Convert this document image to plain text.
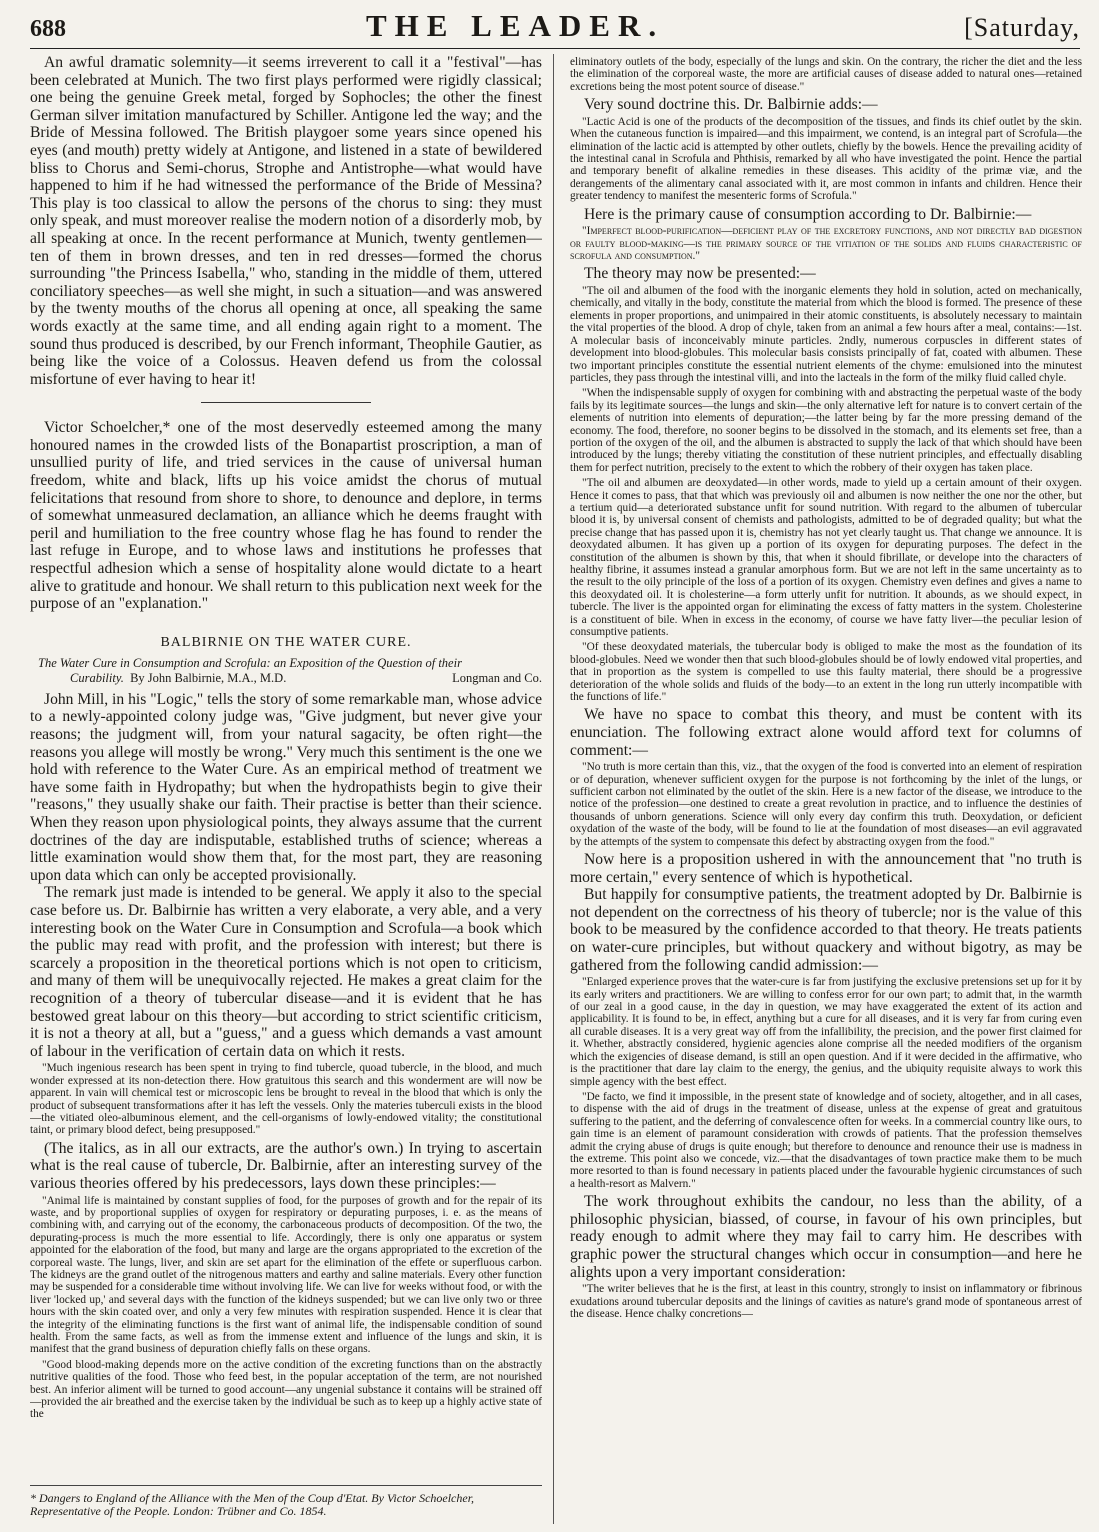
688	THE LEADER.	[Saturday,

An awful dramatic solemnity—it seems irreverent to call it a "festival"—has been celebrated at Munich. The two first plays performed were rigidly classical; one being the genuine Greek metal, forged by Sophocles; the other the finest German silver imitation manufactured by Schiller. Antigone led the way; and the Bride of Messina followed. The British playgoer some years since opened his eyes (and mouth) pretty widely at Antigone, and listened in a state of bewildered bliss to Chorus and Semi-chorus, Strophe and Antistrophe—what would have happened to him if he had witnessed the performance of the Bride of Messina? This play is too classical to allow the persons of the chorus to sing: they must only speak, and must moreover realise the modern notion of a disorderly mob, by all speaking at once. In the recent performance at Munich, twenty gentlemen—ten of them in brown dresses, and ten in red dresses—formed the chorus surrounding "the Princess Isabella," who, standing in the middle of them, uttered conciliatory speeches—as well she might, in such a situation—and was answered by the twenty mouths of the chorus all opening at once, all speaking the same words exactly at the same time, and all ending again right to a moment. The sound thus produced is described, by our French informant, Theophile Gautier, as being like the voice of a Colossus. Heaven defend us from the colossal misfortune of ever having to hear it!

Victor Schoelcher,* one of the most deservedly esteemed among the many honoured names in the crowded lists of the Bonapartist proscription, a man of unsullied purity of life, and tried services in the cause of universal human freedom, white and black, lifts up his voice amidst the chorus of mutual felicitations that resound from shore to shore, to denounce and deplore, in terms of somewhat unmeasured declamation, an alliance which he deems fraught with peril and humiliation to the free country whose flag he has found to render the last refuge in Europe, and to whose laws and institutions he professes that respectful adhesion which a sense of hospitality alone would dictate to a heart alive to gratitude and honour. We shall return to this publication next week for the purpose of an "explanation."

BALBIRNIE ON THE WATER CURE.
The Water Cure in Consumption and Scrofula: an Exposition of the Question of their
Curability. By John Balbirnie, M.A., M.D.	Longman and Co.

John Mill, in his "Logic," tells the story of some remarkable man, whose advice to a newly-appointed colony judge was, "Give judgment, but never give your reasons; the judgment will, from your natural sagacity, be often right—the reasons you allege will mostly be wrong." Very much this sentiment is the one we hold with reference to the Water Cure. As an empirical method of treatment we have some faith in Hydropathy; but when the hydropathists begin to give their "reasons," they usually shake our faith. Their practise is better than their science. When they reason upon physiological points, they always assume that the current doctrines of the day are indisputable, established truths of science; whereas a little examination would show them that, for the most part, they are reasoning upon data which can only be accepted provisionally.

The remark just made is intended to be general. We apply it also to the special case before us. Dr. Balbirnie has written a very elaborate, a very able, and a very interesting book on the Water Cure in Consumption and Scrofula—a book which the public may read with profit, and the profession with interest; but there is scarcely a proposition in the theoretical portions which is not open to criticism, and many of them will be unequivocally rejected. He makes a great claim for the recognition of a theory of tubercular disease—and it is evident that he has bestowed great labour on this theory—but according to strict scientific criticism, it is not a theory at all, but a "guess," and a guess which demands a vast amount of labour in the verification of certain data on which it rests.

"Much ingenious research has been spent in trying to find tubercle, quoad tubercle, in the blood, and much wonder expressed at its non-detection there. How gratuitous this search and this wonderment are will now be apparent. In vain will chemical test or microscopic lens be brought to reveal in the blood that which is only the product of subsequent transformations after it has left the vessels. Only the materies tuberculi exists in the blood—the vitiated oleo-albuminous element, and the cell-organisms of lowly-endowed vitality; the constitutional taint, or primary blood defect, being presupposed."

(The italics, as in all our extracts, are the author's own.) In trying to ascertain what is the real cause of tubercle, Dr. Balbirnie, after an interesting survey of the various theories offered by his predecessors, lays down these principles:—

"Animal life is maintained by constant supplies of food, for the purposes of growth and for the repair of its waste, and by proportional supplies of oxygen for respiratory or depurating purposes, i. e. as the means of combining with, and carrying out of the economy, the carbonaceous products of decomposition. Of the two, the depurating-process is much the more essential to life. Accordingly, there is only one apparatus or system appointed for the elaboration of the food, but many and large are the organs appropriated to the excretion of the corporeal waste. The lungs, liver, and skin are set apart for the elimination of the effete or superfluous carbon. The kidneys are the grand outlet of the nitrogenous matters and earthy and saline materials. Every other function may be suspended for a considerable time without involving life. We can live for weeks without food, or with the liver 'locked up,' and several days with the function of the kidneys suspended; but we can live only two or three hours with the skin coated over, and only a very few minutes with respiration suspended. Hence it is clear that the integrity of the eliminating functions is the first want of animal life, the indispensable condition of sound health. From the same facts, as well as from the immense extent and influence of the lungs and skin, it is manifest that the grand business of depuration chiefly falls on these organs.

"Good blood-making depends more on the active condition of the excreting functions than on the abstractly nutritive qualities of the food. Those who feed best, in the popular acceptation of the term, are not nourished best. An inferior aliment will be turned to good account—any ungenial substance it contains will be strained off—provided the air breathed and the exercise taken by the individual be such as to keep up a highly active state of the

* Dangers to England of the Alliance with the Men of the Coup d'Etat. By Victor Schoelcher, Representative of the People. London: Trübner and Co. 1854.

eliminatory outlets of the body, especially of the lungs and skin. On the contrary, the richer the diet and the less the elimination of the corporeal waste, the more are artificial causes of disease added to natural ones—retained excretions being the most potent source of disease."

Very sound doctrine this. Dr. Balbirnie adds:—

"Lactic Acid is one of the products of the decomposition of the tissues, and finds its chief outlet by the skin. When the cutaneous function is impaired—and this impairment, we contend, is an integral part of Scrofula—the elimination of the lactic acid is attempted by other outlets, chiefly by the bowels. Hence the prevailing acidity of the intestinal canal in Scrofula and Phthisis, remarked by all who have investigated the point. Hence the partial and temporary benefit of alkaline remedies in these diseases. This acidity of the primæ viæ, and the derangements of the alimentary canal associated with it, are most common in infants and children. Hence their greater tendency to manifest the mesenteric forms of Scrofula."

Here is the primary cause of consumption according to Dr. Balbirnie:—

"Imperfect blood-purification—deficient play of the excretory functions, and not directly bad digestion or faulty blood-making—is the primary source of the vitiation of the solids and fluids characteristic of scrofula and consumption."

The theory may now be presented:—

"The oil and albumen of the food with the inorganic elements they hold in solution, acted on mechanically, chemically, and vitally in the body, constitute the material from which the blood is formed. The presence of these elements in proper proportions, and unimpaired in their atomic constituents, is absolutely necessary to maintain the vital properties of the blood. A drop of chyle, taken from an animal a few hours after a meal, contains:—1st. A molecular basis of inconceivably minute particles. 2ndly, numerous corpuscles in different states of development into blood-globules. This molecular basis consists principally of fat, coated with albumen. These two important principles constitute the essential nutrient elements of the chyme: emulsioned into the minutest particles, they pass through the intestinal villi, and into the lacteals in the form of the milky fluid called chyle.

"When the indispensable supply of oxygen for combining with and abstracting the perpetual waste of the body fails by its legitimate sources—the lungs and skin—the only alternative left for nature is to convert certain of the elements of nutrition into elements of depuration;—the latter being by far the more pressing demand of the economy. The food, therefore, no sooner begins to be dissolved in the stomach, and its elements set free, than a portion of the oxygen of the oil, and the albumen is abstracted to supply the lack of that which should have been introduced by the lungs; thereby vitiating the constitution of these nutrient principles, and effectually disabling them for perfect nutrition, precisely to the extent to which the robbery of their oxygen has taken place.

"The oil and albumen are deoxydated—in other words, made to yield up a certain amount of their oxygen. Hence it comes to pass, that that which was previously oil and albumen is now neither the one nor the other, but a tertium quid—a deteriorated substance unfit for sound nutrition. With regard to the albumen of tubercular blood it is, by universal consent of chemists and pathologists, admitted to be of degraded quality; but what the precise change that has passed upon it is, chemistry has not yet clearly taught us. That change we announce. It is deoxydated albumen. It has given up a portion of its oxygen for depurating purposes. The defect in the constitution of the albumen is shown by this, that when it should fibrillate, or develope into the characters of healthy fibrine, it assumes instead a granular amorphous form. But we are not left in the same uncertainty as to the result to the oily principle of the loss of a portion of its oxygen. Chemistry even defines and gives a name to this deoxydated oil. It is cholesterine—a form utterly unfit for nutrition. It abounds, as we should expect, in tubercle. The liver is the appointed organ for eliminating the excess of fatty matters in the system. Cholesterine is a constituent of bile. When in excess in the economy, of course we have fatty liver—the peculiar lesion of consumptive patients.

"Of these deoxydated materials, the tubercular body is obliged to make the most as the foundation of its blood-globules. Need we wonder then that such blood-globules should be of lowly endowed vital properties, and that in proportion as the system is compelled to use this faulty material, there should be a progressive deterioration of the whole solids and fluids of the body—to an extent in the long run utterly incompatible with the functions of life."

We have no space to combat this theory, and must be content with its enunciation. The following extract alone would afford text for columns of comment:—

"No truth is more certain than this, viz., that the oxygen of the food is converted into an element of respiration or of depuration, whenever sufficient oxygen for the purpose is not forthcoming by the inlet of the lungs, or sufficient carbon not eliminated by the outlet of the skin. Here is a new factor of the disease, we introduce to the notice of the profession—one destined to create a great revolution in practice, and to influence the destinies of thousands of unborn generations. Science will only every day confirm this truth. Deoxydation, or deficient oxydation of the waste of the body, will be found to lie at the foundation of most diseases—an evil aggravated by the attempts of the system to compensate this defect by abstracting oxygen from the food."

Now here is a proposition ushered in with the announcement that "no truth is more certain," every sentence of which is hypothetical.

But happily for consumptive patients, the treatment adopted by Dr. Balbirnie is not dependent on the correctness of his theory of tubercle; nor is the value of this book to be measured by the confidence accorded to that theory. He treats patients on water-cure principles, but without quackery and without bigotry, as may be gathered from the following candid admission:—

"Enlarged experience proves that the water-cure is far from justifying the exclusive pretensions set up for it by its early writers and practitioners. We are willing to confess error for our own part; to admit that, in the warmth of our zeal in a good cause, in the day in question, we may have exaggerated the extent of its action and applicability. It is found to be, in effect, anything but a cure for all diseases, and it is very far from curing even all curable diseases. It is a very great way off from the infallibility, the precision, and the power first claimed for it. Whether, abstractly considered, hygienic agencies alone comprise all the needed modifiers of the organism which the exigencies of disease demand, is still an open question. And if it were decided in the affirmative, who is the practitioner that dare lay claim to the energy, the genius, and the ubiquity requisite always to work this simple agency with the best effect.

"De facto, we find it impossible, in the present state of knowledge and of society, altogether, and in all cases, to dispense with the aid of drugs in the treatment of disease, unless at the expense of great and gratuitous suffering to the patient, and the deferring of convalescence often for weeks. In a commercial country like ours, to gain time is an element of paramount consideration with crowds of patients. That the profession themselves admit the crying abuse of drugs is quite enough; but therefore to denounce and renounce their use is madness in the extreme. This point also we concede, viz.—that the disadvantages of town practice make them to be much more resorted to than is found necessary in patients placed under the favourable hygienic circumstances of such a health-resort as Malvern."

The work throughout exhibits the candour, no less than the ability, of a philosophic physician, biassed, of course, in favour of his own principles, but ready enough to admit where they may fail to carry him. He describes with graphic power the structural changes which occur in consumption—and here he alights upon a very important consideration:

"The writer believes that he is the first, at least in this country, strongly to insist on inflammatory or fibrinous exudations around tubercular deposits and the linings of cavities as nature's grand mode of spontaneous arrest of the disease. Hence chalky concretions—
